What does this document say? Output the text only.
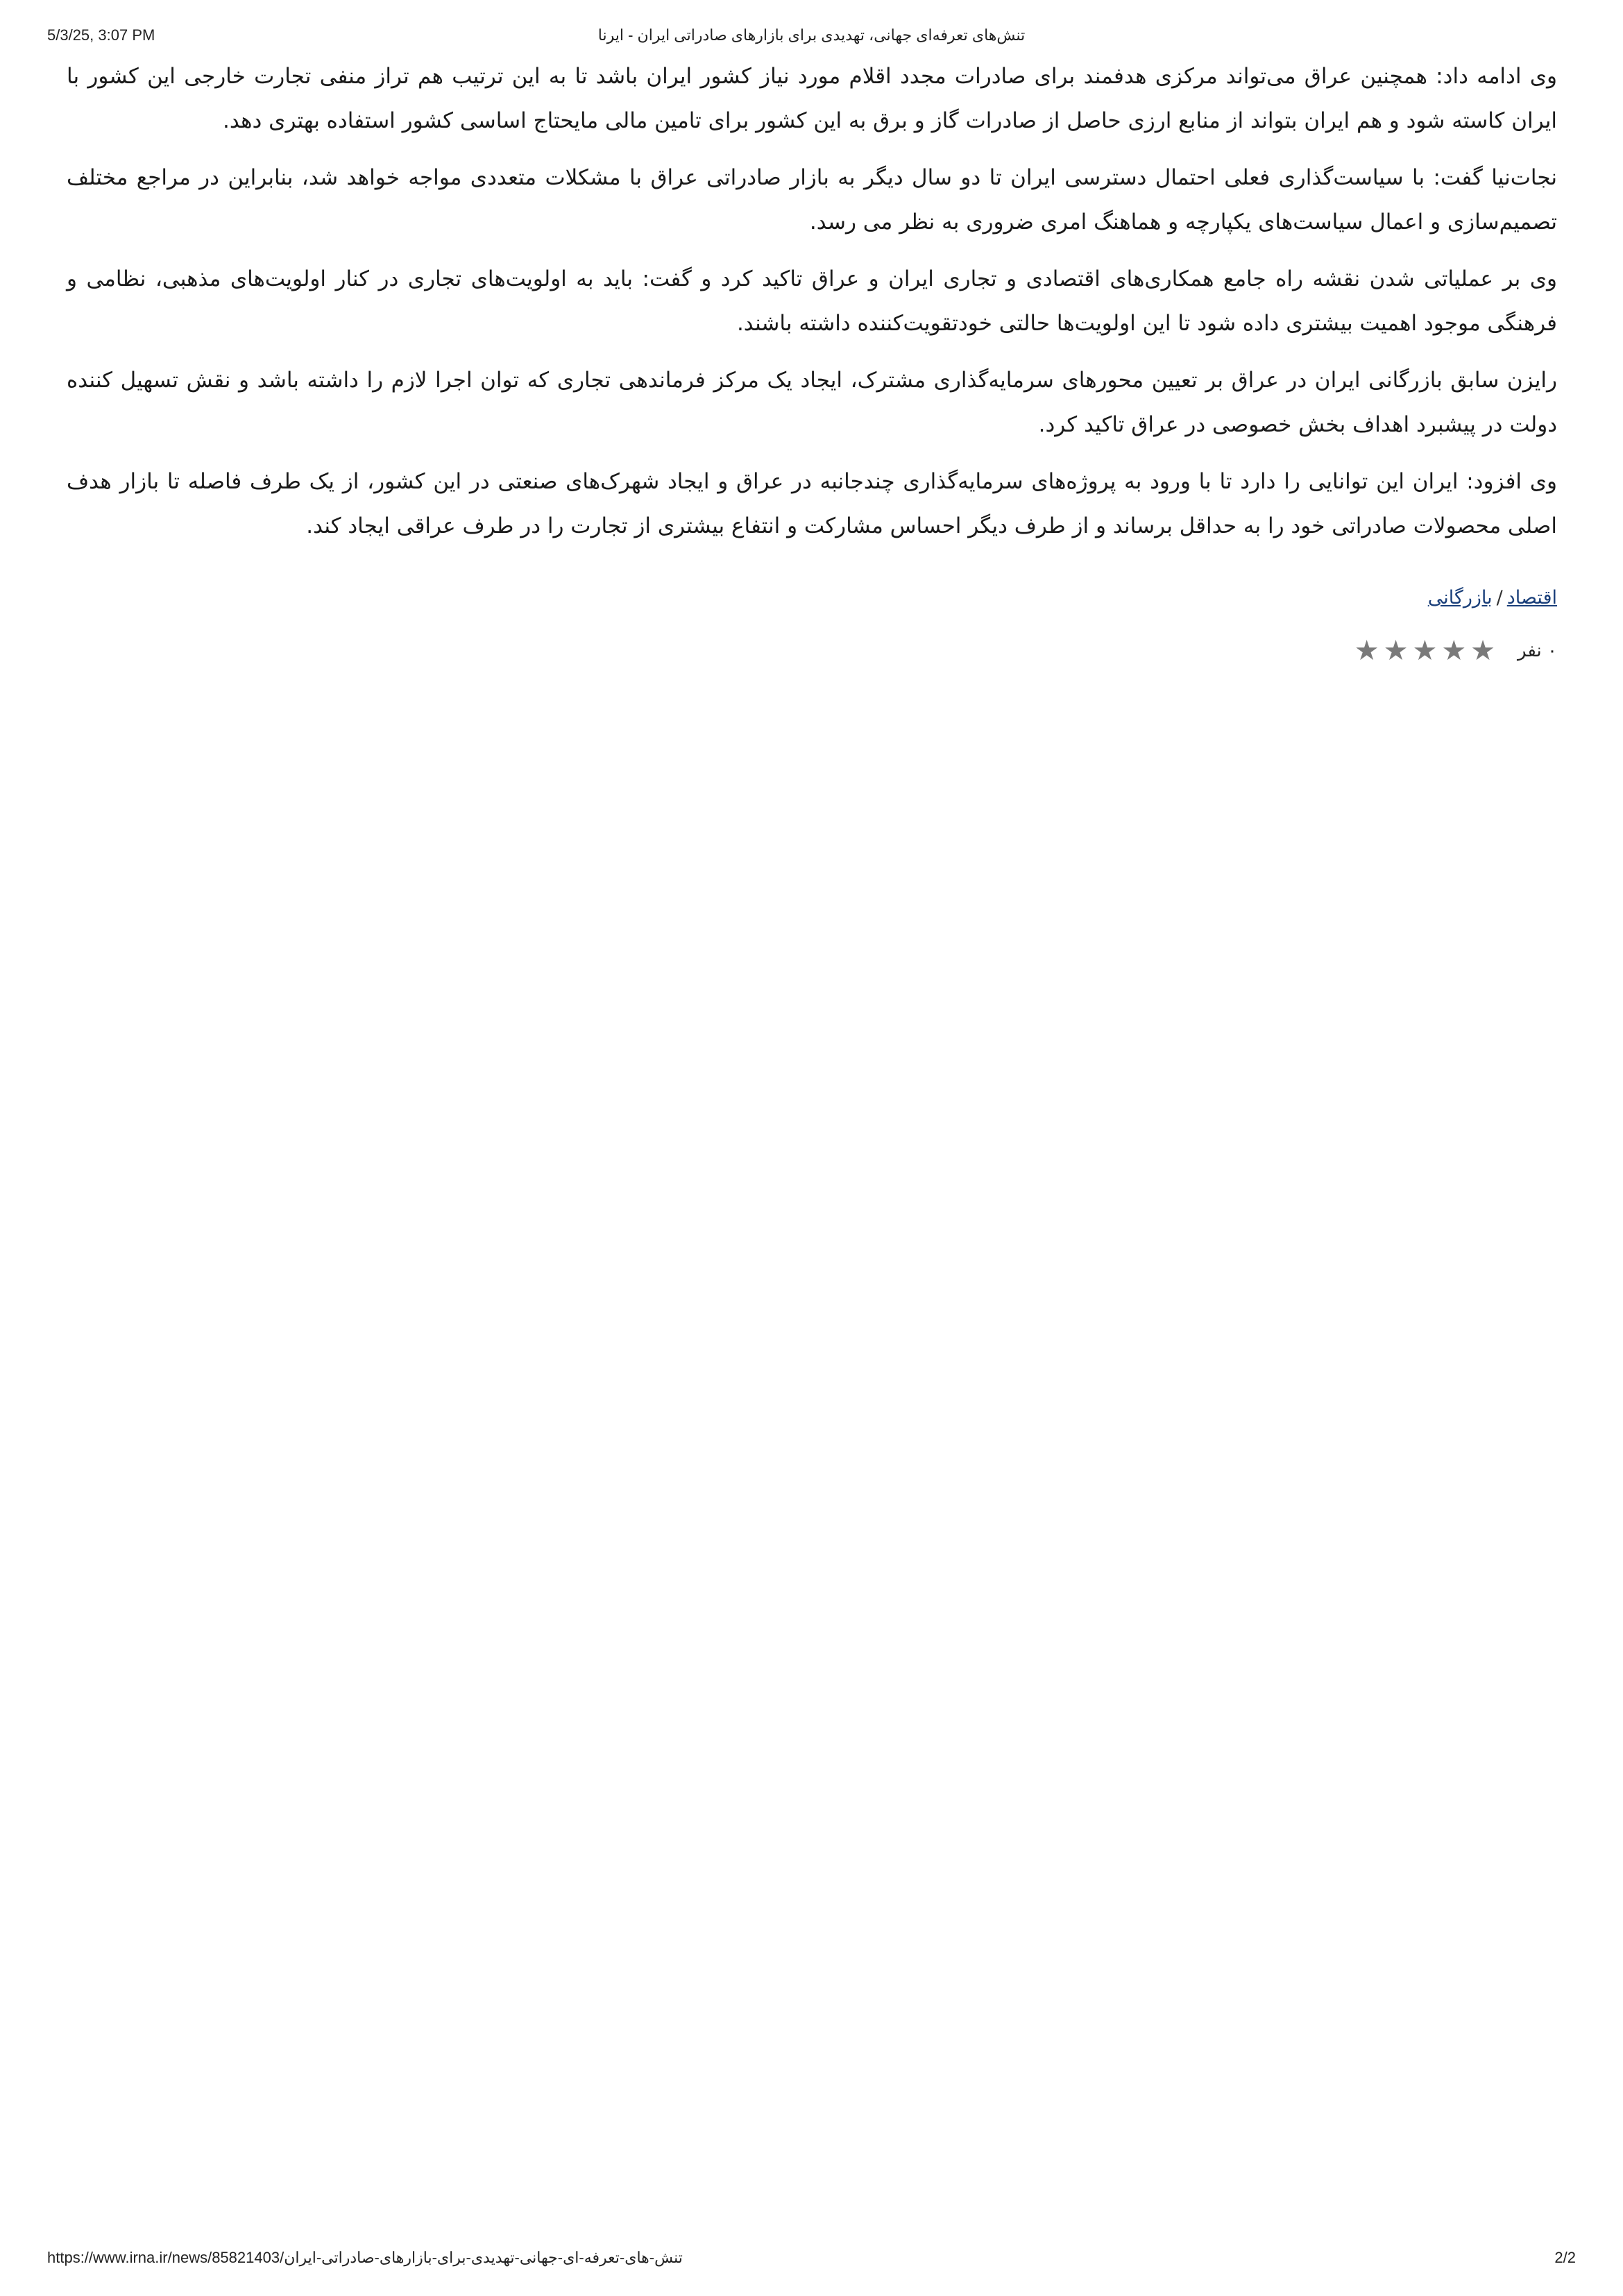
5/3/25, 3:07 PM	تنش‌های تعرفه‌ای جهانی، تهدیدی برای بازارهای صادراتی ایران - ایرنا

وی ادامه داد: همچنین عراق می‌تواند مرکزی هدفمند برای صادرات مجدد اقلام مورد نیاز کشور ایران باشد تا به این ترتیب هم تراز منفی تجارت خارجی این کشور با ایران کاسته شود و هم ایران بتواند از منابع ارزی حاصل از صادرات گاز و برق به این کشور برای تامین مالی مایحتاج اساسی کشور استفاده بهتری دهد.

نجات‌نیا گفت: با سیاست‌گذاری فعلی احتمال دسترسی ایران تا دو سال دیگر به بازار صادراتی عراق با مشکلات متعددی مواجه خواهد شد، بنابراین در مراجع مختلف تصمیم‌سازی و اعمال سیاست‌های یکپارچه و هماهنگ امری ضروری به نظر می رسد.

وی بر عملیاتی شدن نقشه راه جامع همکاری‌های اقتصادی و تجاری ایران و عراق تاکید کرد و گفت: باید به اولویت‌های تجاری در کنار اولویت‌های مذهبی، نظامی و فرهنگی موجود اهمیت بیشتری داده شود تا این اولویت‌ها حالتی خودتقویت‌کننده داشته باشند.

رایزن سابق بازرگانی ایران در عراق بر تعیین محورهای سرمایه‌گذاری مشترک، ایجاد یک مرکز فرماندهی تجاری که توان اجرا لازم را داشته باشد و نقش تسهیل کننده دولت در پیشبرد اهداف بخش خصوصی در عراق تاکید کرد.

وی افزود: ایران این توانایی را دارد تا با ورود به پروژه‌های سرمایه‌گذاری چندجانبه در عراق و ایجاد شهرک‌های صنعتی در این کشور، از یک طرف فاصله تا بازار هدف اصلی محصولات صادراتی خود را به حداقل برساند و از طرف دیگر احساس مشارکت و انتفاع بیشتری از تجارت را در طرف عراقی ایجاد کند.

اقتصاد/بازرگانی
۰ نفر
★
★
★
★
★
https://www.irna.ir/news/85821403/تنش-های-تعرفه-ای-جهانی-تهدیدی-برای-بازارهای-صادراتی-ایران	2/2
